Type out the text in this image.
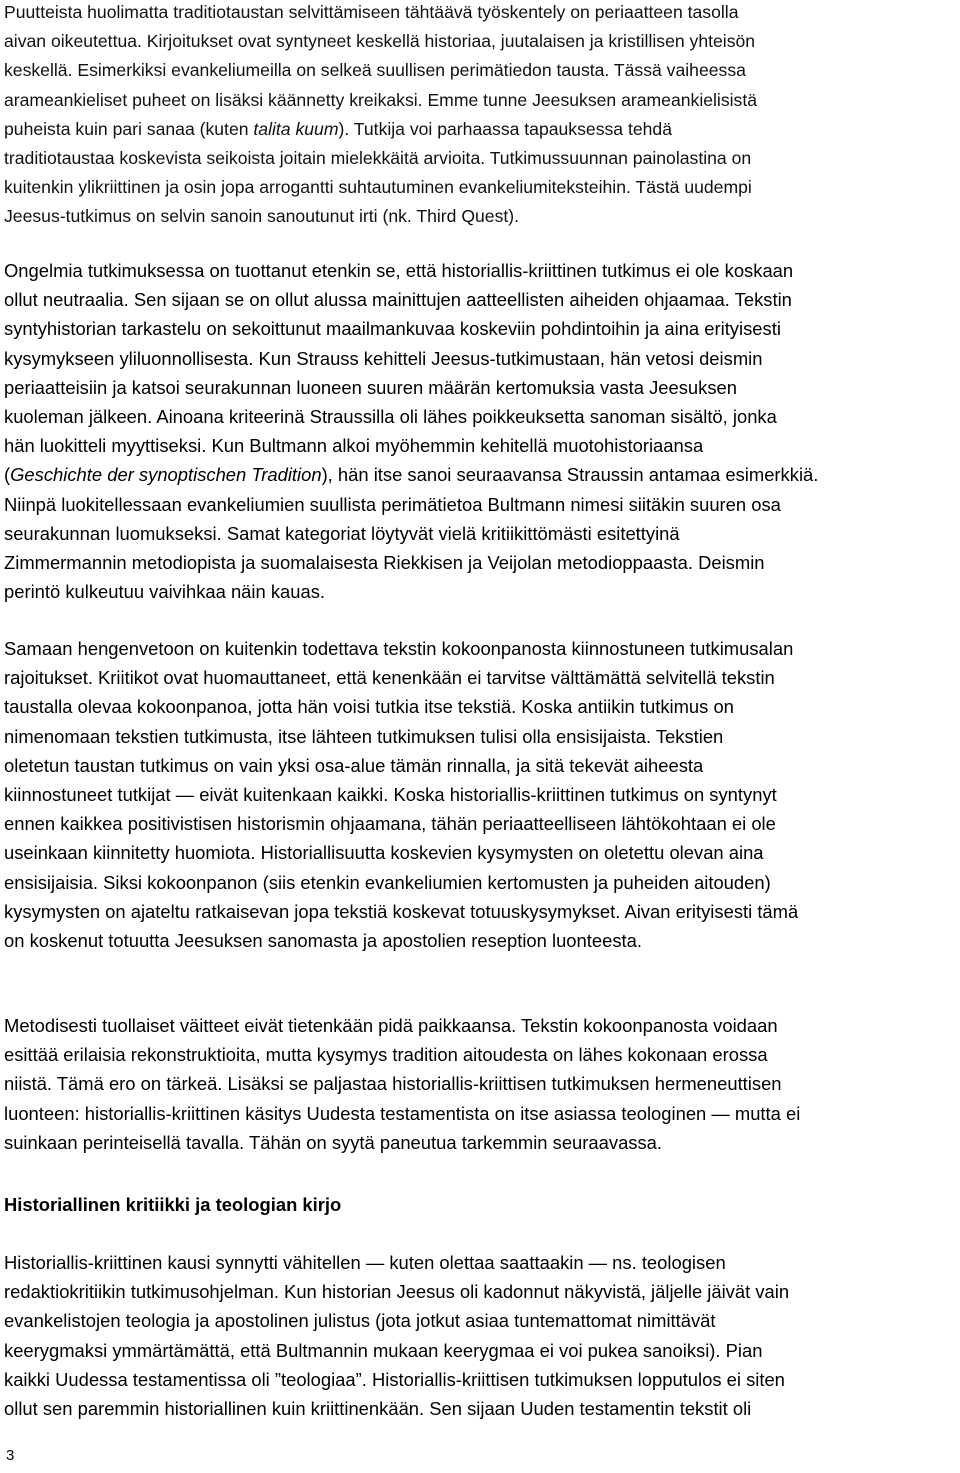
Puutteista huolimatta traditiotaustan selvittämiseen tähtäävä työskentely on periaatteen tasolla
aivan oikeutettua. Kirjoitukset ovat syntyneet keskellä historiaa, juutalaisen ja kristillisen yhteisön
keskellä. Esimerkiksi evankeliumeilla on selkeä suullisen perimätiedon tausta. Tässä vaiheessa
arameankieliset puheet on lisäksi käännetty kreikaksi. Emme tunne Jeesuksen arameankielisistä
puheista kuin pari sanaa (kuten talita kuum). Tutkija voi parhaassa tapauksessa tehdä
traditiotaustaa koskevista seikoista joitain mielekkäitä arvioita. Tutkimussuunnan painolastina on
kuitenkin ylikriittinen ja osin jopa arrogantti suhtautuminen evankeliumiteksteihin. Tästä uudempi
Jeesus-tutkimus on selvin sanoin sanoutunut irti (nk. Third Quest).

Ongelmia tutkimuksessa on tuottanut etenkin se, että historiallis-kriittinen tutkimus ei ole koskaan
ollut neutraalia. Sen sijaan se on ollut alussa mainittujen aatteellisten aiheiden ohjaamaa. Tekstin
syntyhistorian tarkastelu on sekoittunut maailmankuvaa koskeviin pohdintoihin ja aina erityisesti
kysymykseen yliluonnollisesta. Kun Strauss kehitteli Jeesus-tutkimustaan, hän vetosi deismin
periaatteisiin ja katsoi seurakunnan luoneen suuren määrän kertomuksia vasta Jeesuksen
kuoleman jälkeen. Ainoana kriteerinä Straussilla oli lähes poikkeuksetta sanoman sisältö, jonka
hän luokitteli myyttiseksi. Kun Bultmann alkoi myöhemmin kehitellä muotohistoriaansa
(Geschichte der synoptischen Tradition), hän itse sanoi seuraavansa Straussin antamaa esimerkkiä.
Niinpä luokitellessaan evankeliumien suullista perimätietoa Bultmann nimesi siitäkin suuren osa
seurakunnan luomukseksi. Samat kategoriat löytyvät vielä kritiikittömästi esitettyinä
Zimmermannin metodiopista ja suomalaisesta Riekkisen ja Veijolan metodioppaasta. Deismin
perintö kulkeutuu vaivihkaa näin kauas.

Samaan hengenvetoon on kuitenkin todettava tekstin kokoonpanosta kiinnostuneen tutkimusalan
rajoitukset. Kriitikot ovat huomauttaneet, että kenenkään ei tarvitse välttämättä selvitellä tekstin
taustalla olevaa kokoonpanoa, jotta hän voisi tutkia itse tekstiä. Koska antiikin tutkimus on
nimenomaan tekstien tutkimusta, itse lähteen tutkimuksen tulisi olla ensisijaista. Tekstien
oletetun taustan tutkimus on vain yksi osa-alue tämän rinnalla, ja sitä tekevät aiheesta
kiinnostuneet tutkijat — eivät kuitenkaan kaikki. Koska historiallis-kriittinen tutkimus on syntynyt
ennen kaikkea positivistisen historismin ohjaamana, tähän periaatteelliseen lähtökohtaan ei ole
useinkaan kiinnitetty huomiota. Historiallisuutta koskevien kysymysten on oletettu olevan aina
ensisijaisia. Siksi kokoonpanon (siis etenkin evankeliumien kertomusten ja puheiden aitouden)
kysymysten on ajateltu ratkaisevan jopa tekstiä koskevat totuuskysymykset. Aivan erityisesti tämä
on koskenut totuutta Jeesuksen sanomasta ja apostolien reseption luonteesta.

Metodisesti tuollaiset väitteet eivät tietenkään pidä paikkaansa. Tekstin kokoonpanosta voidaan
esittää erilaisia rekonstruktioita, mutta kysymys tradition aitoudesta on lähes kokonaan erossa
niistä. Tämä ero on tärkeä. Lisäksi se paljastaa historiallis-kriittisen tutkimuksen hermeneuttisen
luonteen: historiallis-kriittinen käsitys Uudesta testamentista on itse asiassa teologinen — mutta ei
suinkaan perinteisellä tavalla. Tähän on syytä paneutua tarkemmin seuraavassa.

Historiallinen kritiikki ja teologian kirjo

Historiallis-kriittinen kausi synnytti vähitellen — kuten olettaa saattaakin — ns. teologisen
redaktiokritiikin tutkimusohjelman. Kun historian Jeesus oli kadonnut näkyvistä, jäljelle jäivät vain
evankelistojen teologia ja apostolinen julistus (jota jotkut asiaa tuntemattomat nimittävät
keerygmaksi ymmärtämättä, että Bultmannin mukaan keerygmaa ei voi pukea sanoiksi). Pian
kaikki Uudessa testamentissa oli ”teologiaa”. Historiallis-kriittisen tutkimuksen lopputulos ei siten
ollut sen paremmin historiallinen kuin kriittinenkään. Sen sijaan Uuden testamentin tekstit oli

3
